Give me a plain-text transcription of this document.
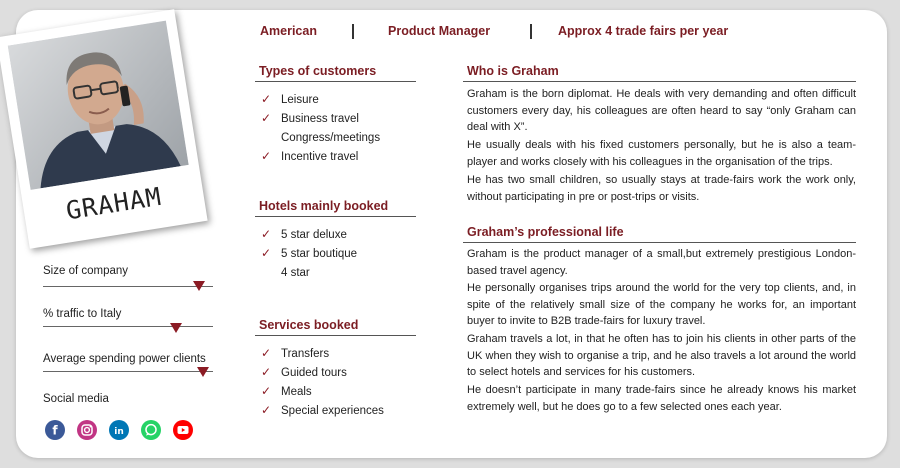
GRAHAM
American	Product Manager	Approx 4 trade fairs per year
Size of company
% traffic to Italy
Average spending power clients
Social media
f	in
Types of customers
✓ Leisure
✓ Business travel
Congress/meetings
✓ Incentive travel
Hotels mainly booked
✓ 5 star deluxe
✓ 5 star boutique
4 star
Services booked
✓ Transfers
✓ Guided tours
✓ Meals
✓ Special experiences
Who is Graham

Graham is the born diplomat. He deals with very demanding and often difficult customers every day, his colleagues are often heard to say “only Graham can deal with X”.

He usually deals with his fixed customers personally, but he is also a team-player and works closely with his colleagues in the organisation of the trips.

He has two small children, so usually stays at trade-fairs work the work only, without participating in pre or post-trips or visits.

Graham’s professional life

Graham is the product manager of a small,but extremely prestigious London-based travel agency.

He personally organises trips around the world for the very top clients, and, in spite of the relatively small size of the company he works for, an important buyer to invite to B2B trade-fairs for luxury travel.

Graham travels a lot, in that he often has to join his clients in other parts of the UK when they wish to organise a trip, and he also travels a lot around the world to select hotels and services for his customers.

He doesn’t participate in many trade-fairs since he already knows his market extremely well, but he does go to a few selected ones each year.
